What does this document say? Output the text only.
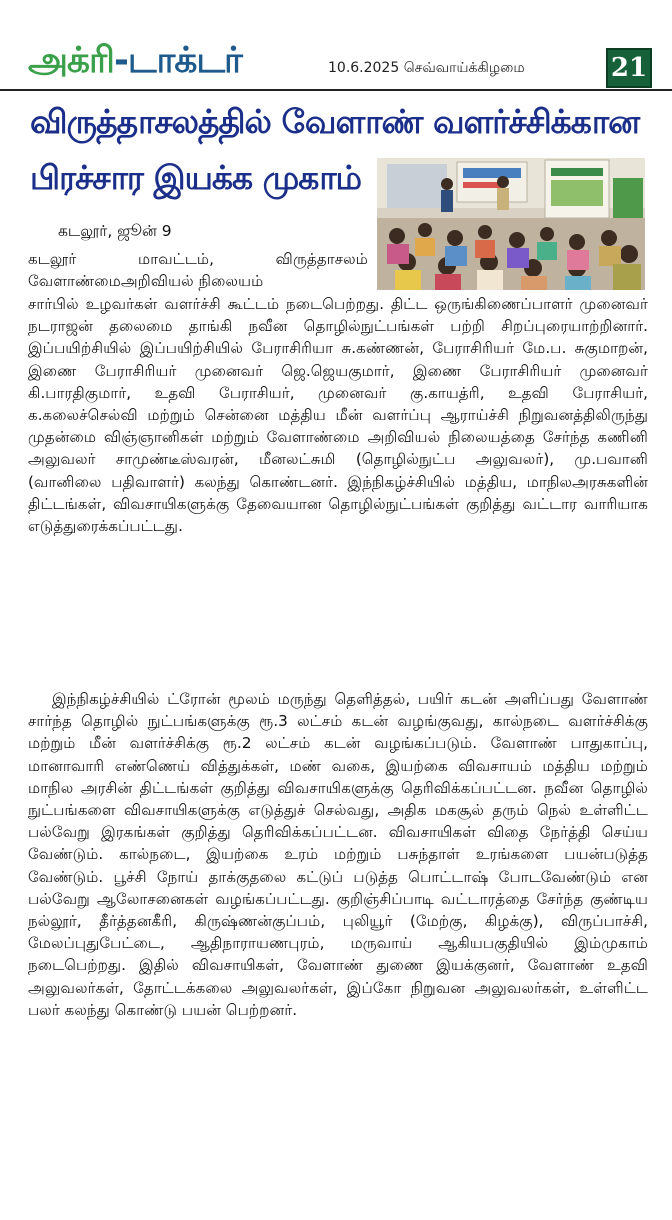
அக்ரி-டாக்டர்	10.6.2025 செவ்வாய்க்கிழமை	21
விருத்தாசலத்தில் வேளாண் வளர்ச்சிக்கான
பிரச்சார இயக்க முகாம்
கடலூர், ஜூன் 9
கடலூர் மாவட்டம், விருத்தாசலம் வேளாண்மைஅறிவியல் நிலையம்
சார்பில் உழவர்கள் வளர்ச்சி கூட்டம் நடைபெற்றது. திட்ட ஒருங்கிணைப்பாளர் முனைவர் நடராஜன் தலைமை தாங்கி நவீன தொழில்நுட்பங்கள் பற்றி சிறப்புரையாற்றினார். இப்பயிற்சியில் இப்பயிற்சியில் பேராசிரியா சு.கண்ணன், பேராசிரியர் மே.ப. சுகுமாறன், இணை பேராசிரியர் முனைவர் ஜெ.ஜெயகுமார், இணை பேராசிரியர் முனைவர் கி.பாரதிகுமார், உதவி பேராசியர், முனைவர் கு.காயத்ரி, உதவி பேராசியர், க.கலைச்செல்வி மற்றும் சென்னை மத்திய மீன் வளர்ப்பு ஆராய்ச்சி நிறுவனத்திலிருந்து முதன்மை விஞ்ஞானிகள் மற்றும் வேளாண்மை அறிவியல் நிலையத்தை சேர்ந்த கணினி அலுவலர் சாமுண்டீஸ்வரன், மீனலட்சுமி (தொழில்நுட்ப அலுவலர்), மு.பவானி (வானிலை பதிவாளர்) கலந்து கொண்டனர். இந்நிகழ்ச்சியில் மத்திய, மாநிலஅரசுகளின் திட்டங்கள், விவசாயிகளுக்கு தேவையான தொழில்நுட்பங்கள் குறித்து வட்டார வாரியாக எடுத்துரைக்கப்பட்டது.
இந்நிகழ்ச்சியில் ட்ரோன் மூலம் மருந்து தெளித்தல், பயிர் கடன் அளிப்பது வேளாண் சார்ந்த தொழில் நுட்பங்களுக்கு ரூ.3 லட்சம் கடன் வழங்குவது, கால்நடை வளர்ச்சிக்கு மற்றும் மீன் வளர்ச்சிக்கு ரூ.2 லட்சம் கடன் வழங்கப்படும். வேளாண் பாதுகாப்பு, மானாவாரி எண்ணெய் வித்துக்கள், மண் வகை, இயற்கை விவசாயம் மத்திய மற்றும் மாநில அரசின் திட்டங்கள் குறித்து விவசாயிகளுக்கு தெரிவிக்கப்பட்டன. நவீன தொழில் நுட்பங்களை விவசாயிகளுக்கு எடுத்துச் செல்வது, அதிக மகசூல் தரும் நெல் உள்ளிட்ட பல்வேறு இரகங்கள் குறித்து தெரிவிக்கப்பட்டன. விவசாயிகள் விதை நேர்த்தி செய்ய வேண்டும். கால்நடை, இயற்கை உரம் மற்றும் பசுந்தாள் உரங்களை பயன்படுத்த வேண்டும். பூச்சி நோய் தாக்குதலை கட்டுப் படுத்த பொட்டாஷ் போடவேண்டும் என பல்வேறு ஆலோசனைகள் வழங்கப்பட்டது. குறிஞ்சிப்பாடி வட்டாரத்தை சேர்ந்த குண்டிய நல்லூர், தீர்த்தனகீரி, கிருஷ்ணன்குப்பம், புலியூர் (மேற்கு, கிழக்கு), விருப்பாச்சி, மேலப்புதுபேட்டை, ஆதிநாராயணபுரம், மருவாய் ஆகியபகுதியில் இம்முகாம் நடைபெற்றது. இதில் விவசாயிகள், வேளாண் துணை இயக்குனர், வேளாண் உதவி அலுவலர்கள், தோட்டக்கலை அலுவலர்கள், இப்கோ நிறுவன அலுவலர்கள், உள்ளிட்ட பலர் கலந்து கொண்டு பயன் பெற்றனர்.
